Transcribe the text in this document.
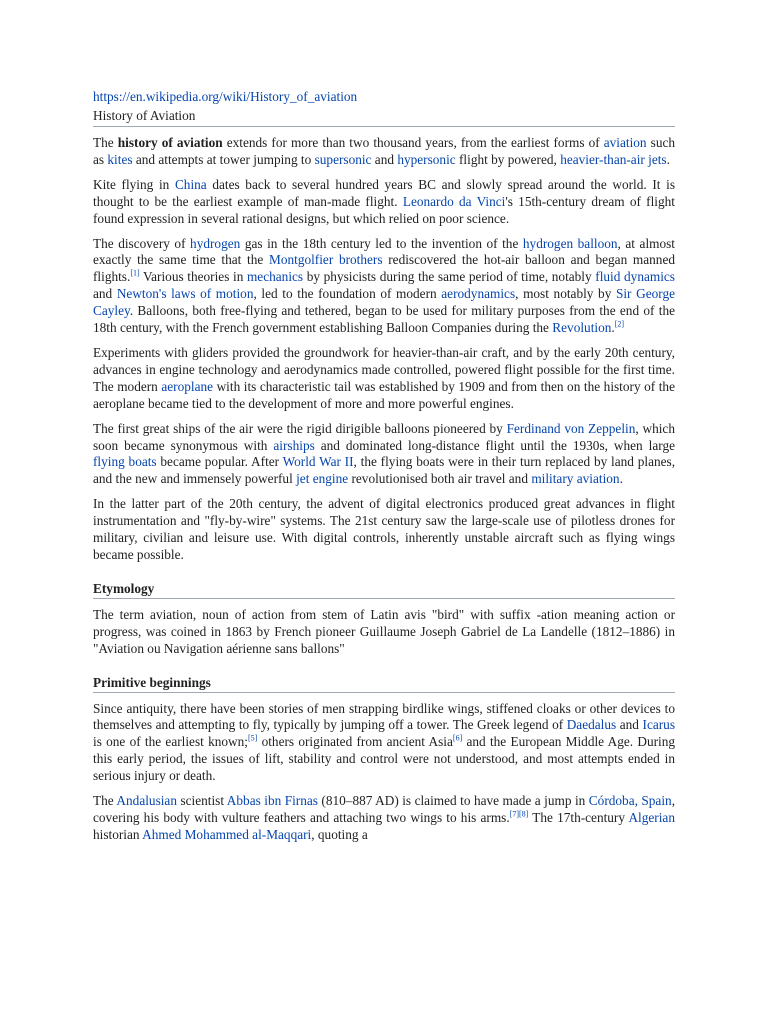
https://en.wikipedia.org/wiki/History_of_aviation
History of Aviation

The history of aviation extends for more than two thousand years, from the earliest forms of aviation such as kites and attempts at tower jumping to supersonic and hypersonic flight by powered, heavier-than-air jets.

Kite flying in China dates back to several hundred years BC and slowly spread around the world. It is thought to be the earliest example of man-made flight. Leonardo da Vinci's 15th-century dream of flight found expression in several rational designs, but which relied on poor science.

The discovery of hydrogen gas in the 18th century led to the invention of the hydrogen balloon, at almost exactly the same time that the Montgolfier brothers rediscovered the hot-air balloon and began manned flights.[1] Various theories in mechanics by physicists during the same period of time, notably fluid dynamics and Newton's laws of motion, led to the foundation of modern aerodynamics, most notably by Sir George Cayley. Balloons, both free-flying and tethered, began to be used for military purposes from the end of the 18th century, with the French government establishing Balloon Companies during the Revolution.[2]

Experiments with gliders provided the groundwork for heavier-than-air craft, and by the early 20th century, advances in engine technology and aerodynamics made controlled, powered flight possible for the first time. The modern aeroplane with its characteristic tail was established by 1909 and from then on the history of the aeroplane became tied to the development of more and more powerful engines.

The first great ships of the air were the rigid dirigible balloons pioneered by Ferdinand von Zeppelin, which soon became synonymous with airships and dominated long-distance flight until the 1930s, when large flying boats became popular. After World War II, the flying boats were in their turn replaced by land planes, and the new and immensely powerful jet engine revolutionised both air travel and military aviation.

In the latter part of the 20th century, the advent of digital electronics produced great advances in flight instrumentation and "fly-by-wire" systems. The 21st century saw the large-scale use of pilotless drones for military, civilian and leisure use. With digital controls, inherently unstable aircraft such as flying wings became possible.

Etymology

The term aviation, noun of action from stem of Latin avis "bird" with suffix -ation meaning action or progress, was coined in 1863 by French pioneer Guillaume Joseph Gabriel de La Landelle (1812–1886) in "Aviation ou Navigation aérienne sans ballons"

Primitive beginnings

Since antiquity, there have been stories of men strapping birdlike wings, stiffened cloaks or other devices to themselves and attempting to fly, typically by jumping off a tower. The Greek legend of Daedalus and Icarus is one of the earliest known;[5] others originated from ancient Asia[6] and the European Middle Age. During this early period, the issues of lift, stability and control were not understood, and most attempts ended in serious injury or death.

The Andalusian scientist Abbas ibn Firnas (810–887 AD) is claimed to have made a jump in Córdoba, Spain, covering his body with vulture feathers and attaching two wings to his arms.[7][8] The 17th-century Algerian historian Ahmed Mohammed al-Maqqari, quoting a
